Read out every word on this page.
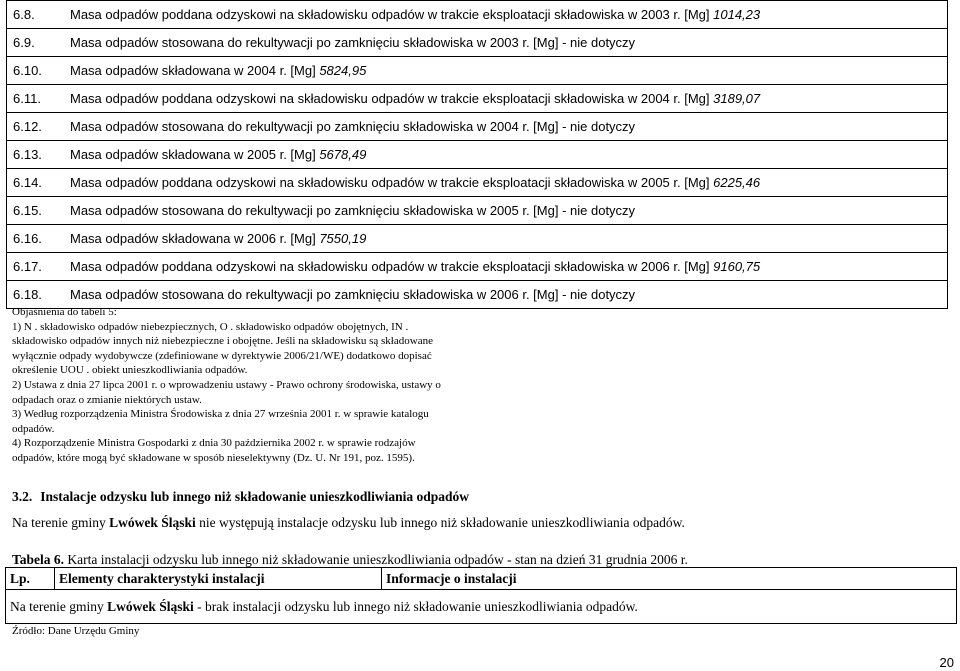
6.8.	Masa odpadów poddana odzyskowi na składowisku odpadów w trakcie eksploatacji składowiska w 2003 r. [Mg] 1014,23
6.9.	Masa odpadów stosowana do rekultywacji po zamknięciu składowiska w 2003 r. [Mg] - nie dotyczy
6.10.	Masa odpadów składowana w 2004 r. [Mg] 5824,95
6.11.	Masa odpadów poddana odzyskowi na składowisku odpadów w trakcie eksploatacji składowiska w 2004 r. [Mg] 3189,07
6.12.	Masa odpadów stosowana do rekultywacji po zamknięciu składowiska w 2004 r. [Mg] - nie dotyczy
6.13.	Masa odpadów składowana w 2005 r. [Mg] 5678,49
6.14.	Masa odpadów poddana odzyskowi na składowisku odpadów w trakcie eksploatacji składowiska w 2005 r. [Mg] 6225,46
6.15.	Masa odpadów stosowana do rekultywacji po zamknięciu składowiska w 2005 r. [Mg] - nie dotyczy
6.16.	Masa odpadów składowana w 2006 r. [Mg] 7550,19
6.17.	Masa odpadów poddana odzyskowi na składowisku odpadów w trakcie eksploatacji składowiska w 2006 r. [Mg] 9160,75
6.18.	Masa odpadów stosowana do rekultywacji po zamknięciu składowiska w 2006 r. [Mg] - nie dotyczy
Objaśnienia do tabeli 5:
1) N . składowisko odpadów niebezpiecznych, O . składowisko odpadów obojętnych, IN .
składowisko odpadów innych niż niebezpieczne i obojętne. Jeśli na składowisku są składowane
wyłącznie odpady wydobywcze (zdefiniowane w dyrektywie 2006/21/WE) dodatkowo dopisać
określenie UOU . obiekt unieszkodliwiania odpadów.
2) Ustawa z dnia 27 lipca 2001 r. o wprowadzeniu ustawy - Prawo ochrony środowiska, ustawy o
odpadach oraz o zmianie niektórych ustaw.
3) Według rozporządzenia Ministra Środowiska z dnia 27 września 2001 r. w sprawie katalogu
odpadów.
4) Rozporządzenie Ministra Gospodarki z dnia 30 października 2002 r. w sprawie rodzajów
odpadów, które mogą być składowane w sposób nieselektywny (Dz. U. Nr 191, poz. 1595).
3.2. Instalacje odzysku lub innego niż składowanie unieszkodliwiania odpadów
Na terenie gminy Lwówek Śląski nie występują instalacje odzysku lub innego niż składowanie unieszkodliwiania odpadów.
Tabela 6. Karta instalacji odzysku lub innego niż składowanie unieszkodliwiania odpadów - stan na dzień 31 grudnia 2006 r.
Lp.	Elementy charakterystyki instalacji	Informacje o instalacji
Na terenie gminy Lwówek Śląski - brak instalacji odzysku lub innego niż składowanie unieszkodliwiania odpadów.
Źródło: Dane Urzędu Gminy
20
